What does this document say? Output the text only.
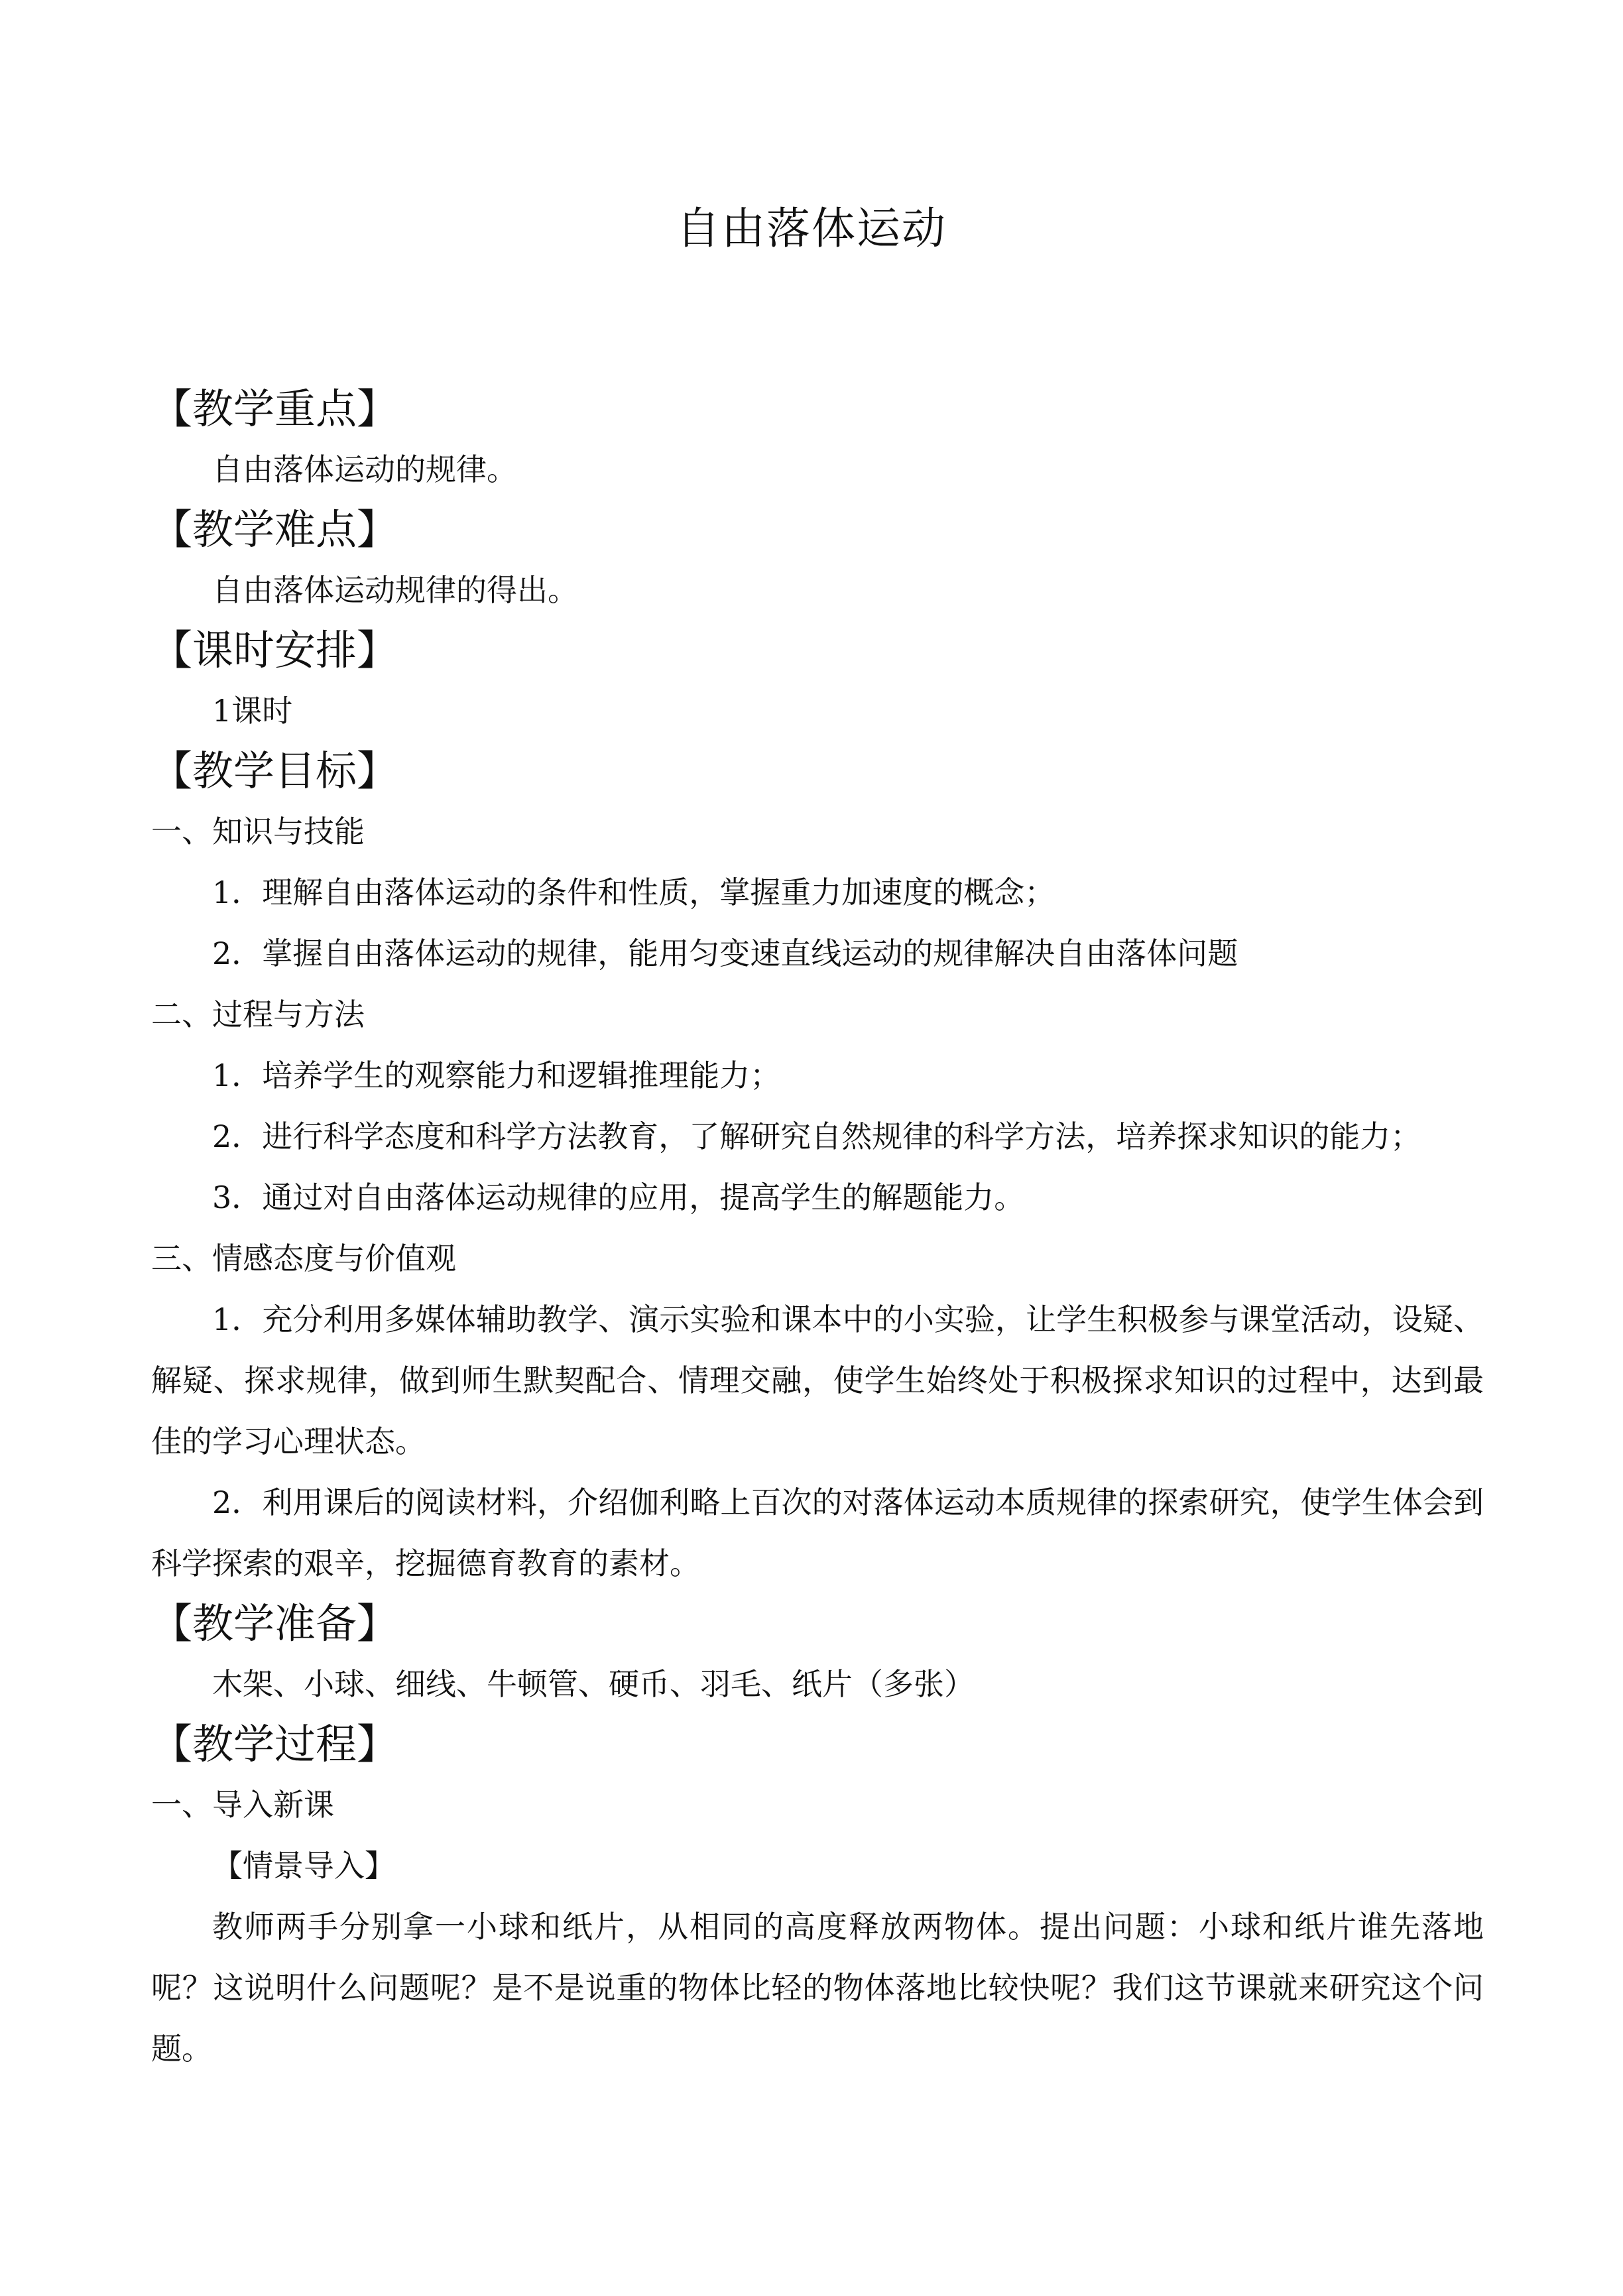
自由落体运动
【教学重点】
自由落体运动的规律。
【教学难点】
自由落体运动规律的得出。
【课时安排】
1课时
【教学目标】
一、知识与技能
1．理解自由落体运动的条件和性质，掌握重力加速度的概念；
2．掌握自由落体运动的规律，能用匀变速直线运动的规律解决自由落体问题
二、过程与方法
1．培养学生的观察能力和逻辑推理能力；
2．进行科学态度和科学方法教育，了解研究自然规律的科学方法，培养探求知识的能力；
3．通过对自由落体运动规律的应用，提高学生的解题能力。
三、情感态度与价值观
1．充分利用多媒体辅助教学、演示实验和课本中的小实验，让学生积极参与课堂活动，设疑、解疑、探求规律，做到师生默契配合、情理交融，使学生始终处于积极探求知识的过程中，达到最佳的学习心理状态。
2．利用课后的阅读材料，介绍伽利略上百次的对落体运动本质规律的探索研究，使学生体会到科学探索的艰辛，挖掘德育教育的素材。
【教学准备】
木架、小球、细线、牛顿管、硬币、羽毛、纸片（多张）
【教学过程】
一、导入新课
【情景导入】
教师两手分别拿一小球和纸片，从相同的高度释放两物体。提出问题：小球和纸片谁先落地呢？这说明什么问题呢？是不是说重的物体比轻的物体落地比较快呢？我们这节课就来研究这个问题。
